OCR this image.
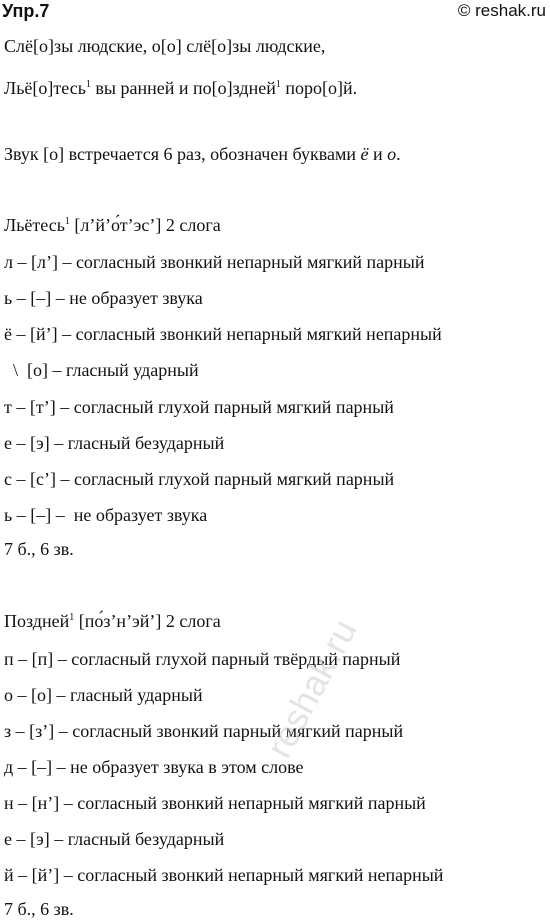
Упр.7	© reshak.ru
Слё[о]зы людские, о[о] слё[о]зы людские,
Льё[о]тесь$^1$ вы ранней и по[о]здней$^1$ поро[о]й.
Звук [о] встречается 6 раз, обозначен буквами ё и о.
Льётесь$^1$ [л’й’о́т’эс’] 2 слога
л – [л’] – согласный звонкий непарный мягкий парный
ь – [–] – не образует звука
ё – [й’] – согласный звонкий непарный мягкий непарный
\  [о] – гласный ударный
т – [т’] – согласный глухой парный мягкий парный
е – [э] – гласный безударный
с – [с’] – согласный глухой парный мягкий парный
ь – [–] –  не образует звука
7 б., 6 зв.
Поздней$^1$ [по́з’н’эй’] 2 слога
п – [п] – согласный глухой парный твёрдый парный
о – [о] – гласный ударный
з – [з’] – согласный звонкий парный мягкий парный
д – [–] – не образует звука в этом слове
н – [н’] – согласный звонкий непарный мягкий парный
е – [э] – гласный безударный
й – [й’] – согласный звонкий непарный мягкий непарный
7 б., 6 зв.
reshak.ru
